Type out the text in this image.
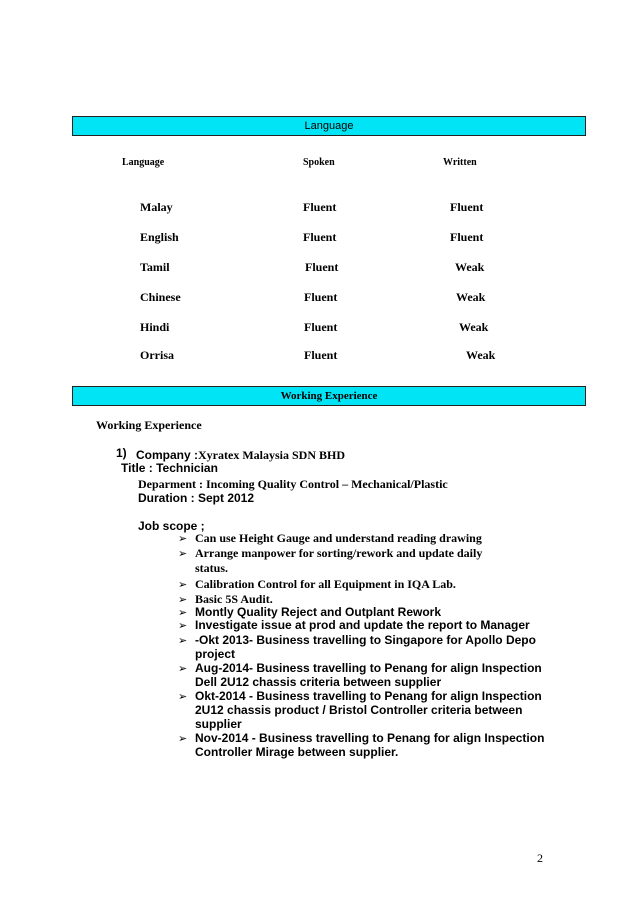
Language
Language	Spoken	Written
Malay	Fluent	Fluent
English	Fluent	Fluent
Tamil	Fluent	Weak
Chinese	Fluent	Weak
Hindi	Fluent	Weak
Orrisa	Fluent	Weak
Working Experience
Working Experience
1) Company :Xyratex Malaysia SDN BHD
Title : Technician
Deparment : Incoming Quality Control – Mechanical/Plastic
Duration : Sept 2012
Job scope ;
➢ Can use Height Gauge and understand reading drawing
➢ Arrange manpower for sorting/rework and update daily
status.
➢ Calibration Control for all Equipment in IQA Lab.
➢ Basic 5S Audit.
➢ Montly Quality Reject and Outplant Rework
➢ Investigate issue at prod and update the report to Manager
➢ -Okt 2013- Business travelling to Singapore for Apollo Depo
project
➢ Aug-2014- Business travelling to Penang for align Inspection
Dell 2U12 chassis criteria between supplier
➢ Okt-2014 - Business travelling to Penang for align Inspection
2U12 chassis product / Bristol Controller criteria between
supplier
➢ Nov-2014 - Business travelling to Penang for align Inspection
Controller Mirage between supplier.
2
